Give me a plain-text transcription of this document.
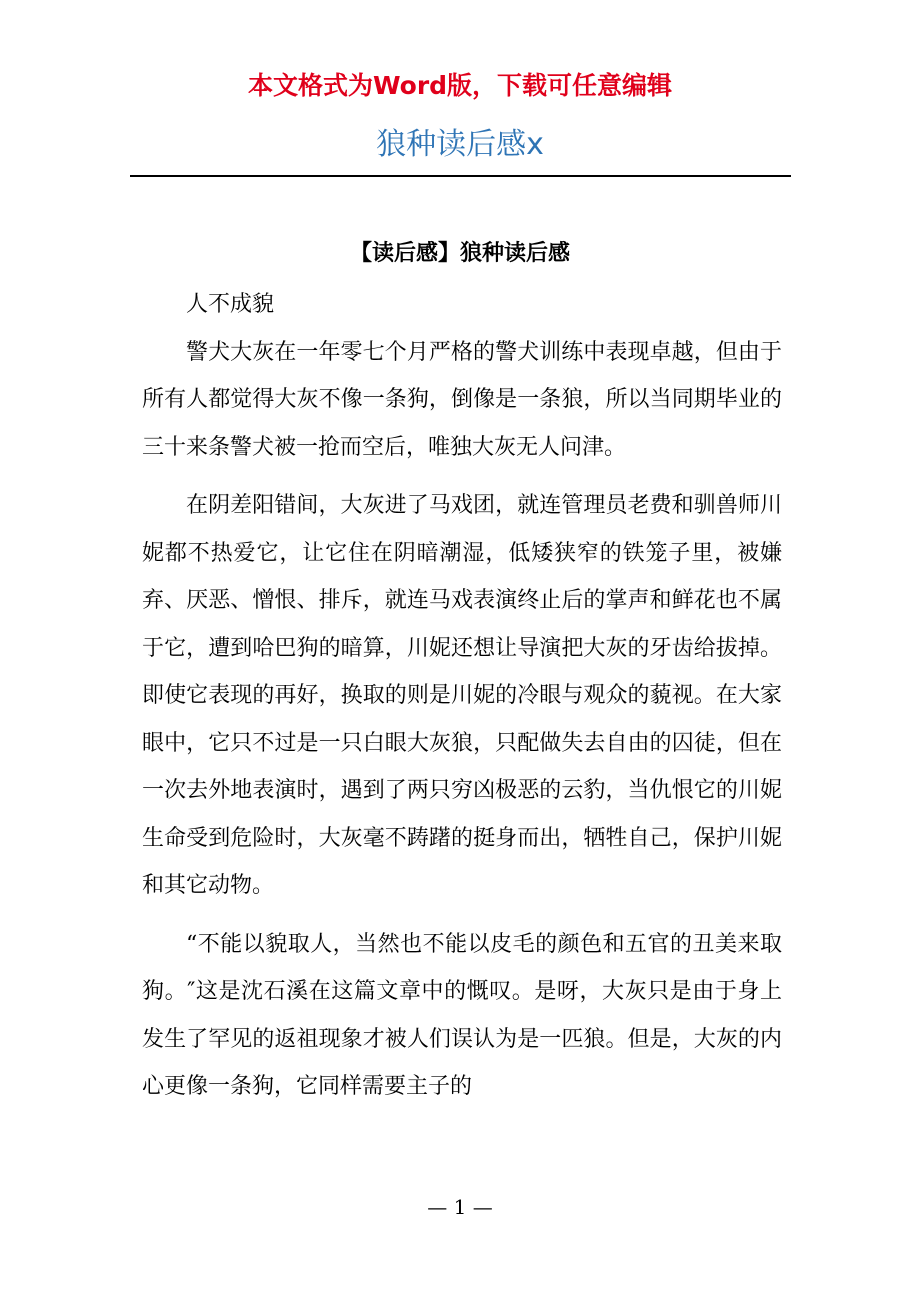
本文格式为Word版，下载可任意编辑
狼种读后感x
【读后感】狼种读后感

人不成貌

警犬大灰在一年零七个月严格的警犬训练中表现卓越，但由于所有人都觉得大灰不像一条狗，倒像是一条狼，所以当同期毕业的三十来条警犬被一抢而空后，唯独大灰无人问津。

在阴差阳错间，大灰进了马戏团，就连管理员老费和驯兽师川妮都不热爱它，让它住在阴暗潮湿，低矮狭窄的铁笼子里，被嫌弃、厌恶、憎恨、排斥，就连马戏表演终止后的掌声和鲜花也不属于它，遭到哈巴狗的暗算，川妮还想让导演把大灰的牙齿给拔掉。即使它表现的再好，换取的则是川妮的冷眼与观众的藐视。在大家眼中，它只不过是一只白眼大灰狼，只配做失去自由的囚徒，但在一次去外地表演时，遇到了两只穷凶极恶的云豹，当仇恨它的川妮生命受到危险时，大灰毫不踌躇的挺身而出，牺牲自己，保护川妮和其它动物。

“不能以貌取人，当然也不能以皮毛的颜色和五官的丑美来取狗。″这是沈石溪在这篇文章中的慨叹。是呀，大灰只是由于身上发生了罕见的返祖现象才被人们误认为是一匹狼。但是，大灰的内心更像一条狗，它同样需要主子的

— 1 —
